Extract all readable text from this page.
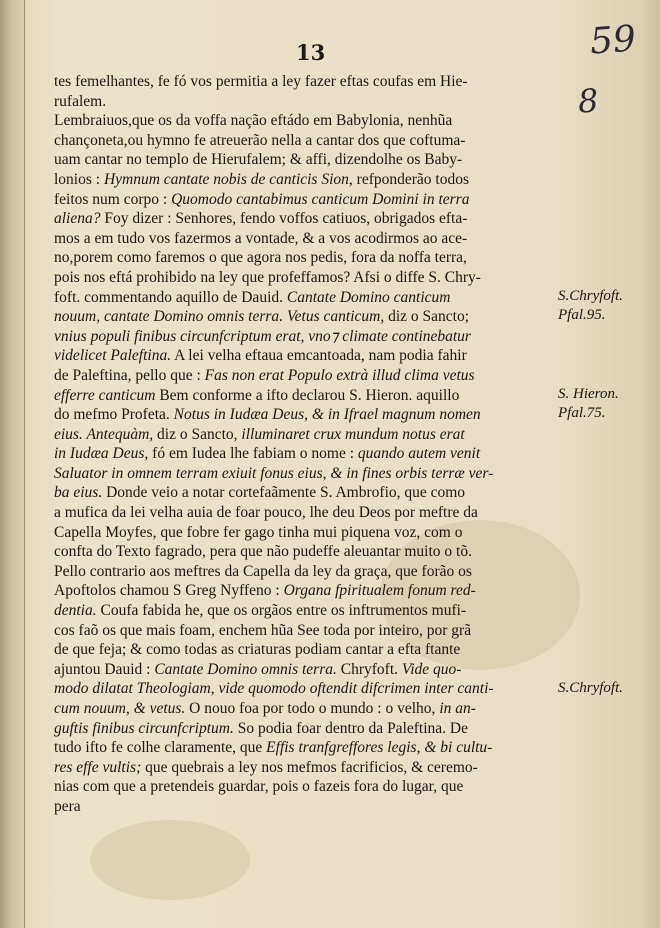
13	59
8
tes femelhantes, fe fó vos permitia a ley fazer eftas coufas em Hie-
rufalem.
Lembraiuos,que os da voffa nação eftádo em Babylonia, nenhũa
chançoneta,ou hymno fe atreuerão nella a cantar dos que coftuma-
uam cantar no templo de Hierufalem; & affi, dizendolhe os Baby-
lonios : Hymnum cantate nobis de canticis Sion, refponderão todos
feitos num corpo : Quomodo cantabimus canticum Domini in terra
aliena? Foy dizer : Senhores, fendo voffos catiuos, obrigados efta-
mos a em tudo vos fazermos a vontade, & a vos acodirmos ao ace-
no,porem como faremos o que agora nos pedis, fora da noffa terra,
pois nos eftá prohibido na ley que profeffamos? Afsi o diffe S. Chry-
foft. commentando aquillo de Dauid. Cantate Domino canticum
nouum, cantate Domino omnis terra. Vetus canticum, diz o Sancto;
vnius populi finibus circunfcriptum erat, vno⁊ climate continebatur
videlicet Paleftina. A lei velha eftaua emcantoada, nam podia fahir
de Paleftina, pello que : Fas non erat Populo extrà illud clima vetus
efferre canticum Bem conforme a ifto declarou S. Hieron. aquillo
do mefmo Profeta. Notus in Iudæa Deus, & in Ifrael magnum nomen
eius. Antequàm, diz o Sancto, illuminaret crux mundum notus erat
in Iudæa Deus, fó em Iudea lhe fabiam o nome : quando autem venit
Saluator in omnem terram exiuit fonus eius, & in fines orbis terræ ver-
ba eius. Donde veio a notar cortefaãmente S. Ambrofio, que como
a mufica da lei velha auia de foar pouco, lhe deu Deos por meftre da
Capella Moyfes, que fobre fer gago tinha mui piquena voz, com o
confta do Texto fagrado, pera que não pudeffe aleuantar muito o tõ.
Pello contrario aos meftres da Capella da ley da graça, que forão os
Apoftolos chamou S Greg Nyffeno : Organa fpiritualem fonum red-
dentia. Coufa fabida he, que os orgãos entre os inftrumentos mufi-
cos faõ os que mais foam, enchem hũa See toda por inteiro, por grã
de que feja; & como todas as criaturas podiam cantar a efta ftante
ajuntou Dauid : Cantate Domino omnis terra. Chryfoft. Vide quo-
modo dilatat Theologiam, vide quomodo oftendit difcrimen inter canti-
cum nouum, & vetus. O nouo foa por todo o mundo : o velho, in an-
guftis finibus circunfcriptum. So podia foar dentro da Paleftina. De
tudo ifto fe colhe claramente, que Effis tranfgreffores legis, & bi cultu-
res effe vultis; que quebrais a ley nos mefmos facrificios, & ceremo-
nias com que a pretendeis guardar, pois o fazeis fora do lugar, que
pera
S.Chryfoft.
Pfal.95.
S. Hieron.
Pfal.75.
S.Chryfoft.
